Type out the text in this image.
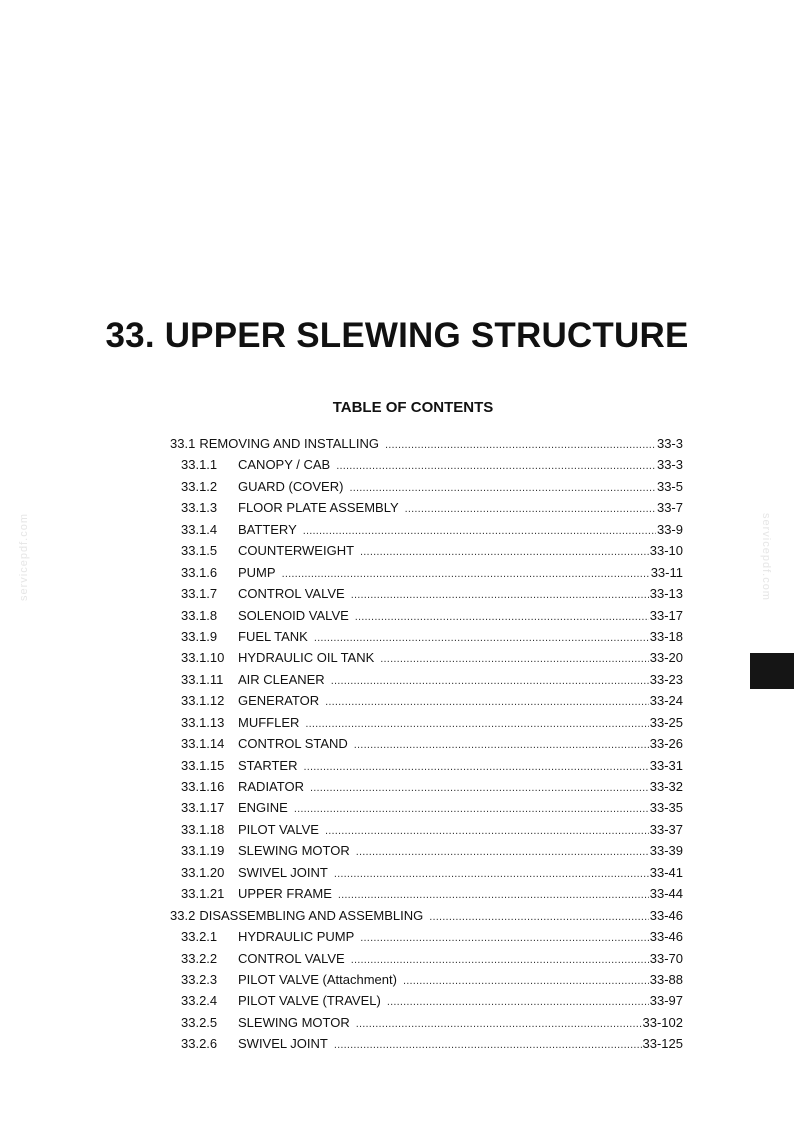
servicepdf.com	servicepdf.com
33. UPPER SLEWING STRUCTURE
TABLE OF CONTENTS
33.1 REMOVING AND INSTALLING .....	33-3
33.1.1	CANOPY / CAB .....	33-3
33.1.2	GUARD (COVER) .....	33-5
33.1.3	FLOOR PLATE ASSEMBLY .....	33-7
33.1.4	BATTERY .....	33-9
33.1.5	COUNTERWEIGHT .....	33-10
33.1.6	PUMP .....	33-11
33.1.7	CONTROL VALVE .....	33-13
33.1.8	SOLENOID VALVE .....	33-17
33.1.9	FUEL TANK .....	33-18
33.1.10	HYDRAULIC OIL TANK .....	33-20
33.1.11	AIR CLEANER .....	33-23
33.1.12	GENERATOR .....	33-24
33.1.13	MUFFLER .....	33-25
33.1.14	CONTROL STAND .....	33-26
33.1.15	STARTER .....	33-31
33.1.16	RADIATOR .....	33-32
33.1.17	ENGINE .....	33-35
33.1.18	PILOT VALVE .....	33-37
33.1.19	SLEWING MOTOR .....	33-39
33.1.20	SWIVEL JOINT .....	33-41
33.1.21	UPPER FRAME .....	33-44
33.2 DISASSEMBLING AND ASSEMBLING .....	33-46
33.2.1	HYDRAULIC PUMP .....	33-46
33.2.2	CONTROL VALVE .....	33-70
33.2.3	PILOT VALVE (Attachment) .....	33-88
33.2.4	PILOT VALVE (TRAVEL) .....	33-97
33.2.5	SLEWING MOTOR .....	33-102
33.2.6	SWIVEL JOINT .....	33-125
